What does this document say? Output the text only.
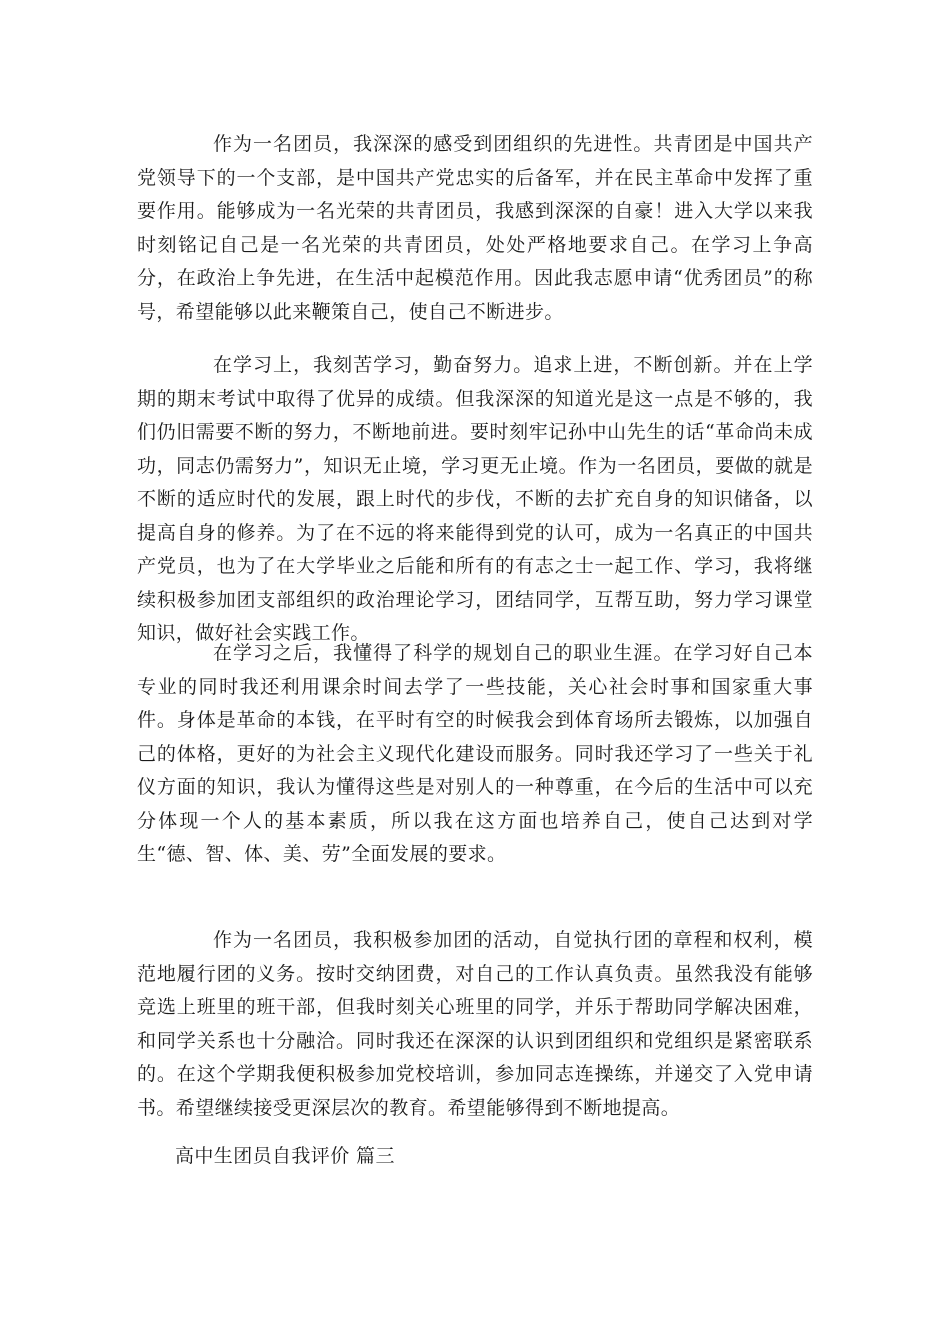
作为一名团员，我深深的感受到团组织的先进性。共青团是中国共产党领导下的一个支部，是中国共产党忠实的后备军，并在民主革命中发挥了重要作用。能够成为一名光荣的共青团员，我感到深深的自豪！进入大学以来我时刻铭记自己是一名光荣的共青团员，处处严格地要求自己。在学习上争高分，在政治上争先进，在生活中起模范作用。因此我志愿申请“优秀团员”的称号，希望能够以此来鞭策自己，使自己不断进步。

在学习上，我刻苦学习，勤奋努力。追求上进，不断创新。并在上学期的期末考试中取得了优异的成绩。但我深深的知道光是这一点是不够的，我们仍旧需要不断的努力，不断地前进。要时刻牢记孙中山先生的话“革命尚未成功，同志仍需努力”，知识无止境，学习更无止境。作为一名团员，要做的就是不断的适应时代的发展，跟上时代的步伐，不断的去扩充自身的知识储备，以提高自身的修养。为了在不远的将来能得到党的认可，成为一名真正的中国共产党员，也为了在大学毕业之后能和所有的有志之士一起工作、学习，我将继续积极参加团支部组织的政治理论学习，团结同学，互帮互助，努力学习课堂知识，做好社会实践工作。

在学习之后，我懂得了科学的规划自己的职业生涯。在学习好自己本专业的同时我还利用课余时间去学了一些技能，关心社会时事和国家重大事件。身体是革命的本钱，在平时有空的时候我会到体育场所去锻炼，以加强自己的体格，更好的为社会主义现代化建设而服务。同时我还学习了一些关于礼仪方面的知识，我认为懂得这些是对别人的一种尊重，在今后的生活中可以充分体现一个人的基本素质，所以我在这方面也培养自己，使自己达到对学生“德、智、体、美、劳”全面发展的要求。

作为一名团员，我积极参加团的活动，自觉执行团的章程和权利，模范地履行团的义务。按时交纳团费，对自己的工作认真负责。虽然我没有能够竞选上班里的班干部，但我时刻关心班里的同学，并乐于帮助同学解决困难，和同学关系也十分融洽。同时我还在深深的认识到团组织和党组织是紧密联系的。在这个学期我便积极参加党校培训，参加同志连操练，并递交了入党申请书。希望继续接受更深层次的教育。希望能够得到不断地提高。

高中生团员自我评价 篇三
